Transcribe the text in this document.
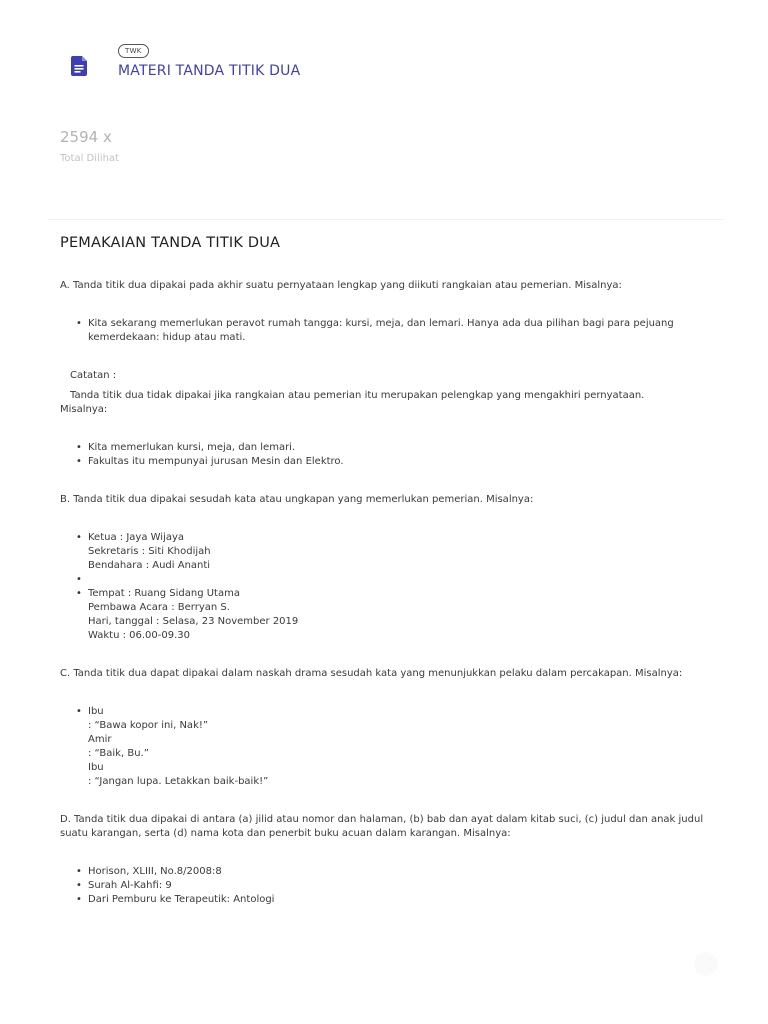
TWK
MATERI TANDA TITIK DUA
2594 x
Total Dilihat
PEMAKAIAN TANDA TITIK DUA

A. Tanda titik dua dipakai pada akhir suatu pernyataan lengkap yang diikuti rangkaian atau pemerian. Misalnya:

• Kita sekarang memerlukan peravot rumah tangga: kursi, meja, dan lemari. Hanya ada dua pilihan bagi para pejuang kemerdekaan: hidup atau mati.
Catatan :
Tanda titik dua tidak dipakai jika rangkaian atau pemerian itu merupakan pelengkap yang mengakhiri pernyataan.
Misalnya:
• Kita memerlukan kursi, meja, dan lemari.
• Fakultas itu mempunyai jurusan Mesin dan Elektro.

B. Tanda titik dua dipakai sesudah kata atau ungkapan yang memerlukan pemerian. Misalnya:

• Ketua : Jaya Wijaya
Sekretaris : Siti Khodijah
Bendahara : Audi Ananti
•
• Tempat : Ruang Sidang Utama
Pembawa Acara : Berryan S.
Hari, tanggal : Selasa, 23 November 2019
Waktu : 06.00-09.30

C. Tanda titik dua dapat dipakai dalam naskah drama sesudah kata yang menunjukkan pelaku dalam percakapan. Misalnya:

• Ibu
: “Bawa kopor ini, Nak!”
Amir
: “Baik, Bu.”
Ibu
: “Jangan lupa. Letakkan baik-baik!”

D. Tanda titik dua dipakai di antara (a) jilid atau nomor dan halaman, (b) bab dan ayat dalam kitab suci, (c) judul dan anak judul suatu karangan, serta (d) nama kota dan penerbit buku acuan dalam karangan. Misalnya:

• Horison, XLIII, No.8/2008:8
• Surah Al-Kahfi: 9
• Dari Pemburu ke Terapeutik: Antologi
